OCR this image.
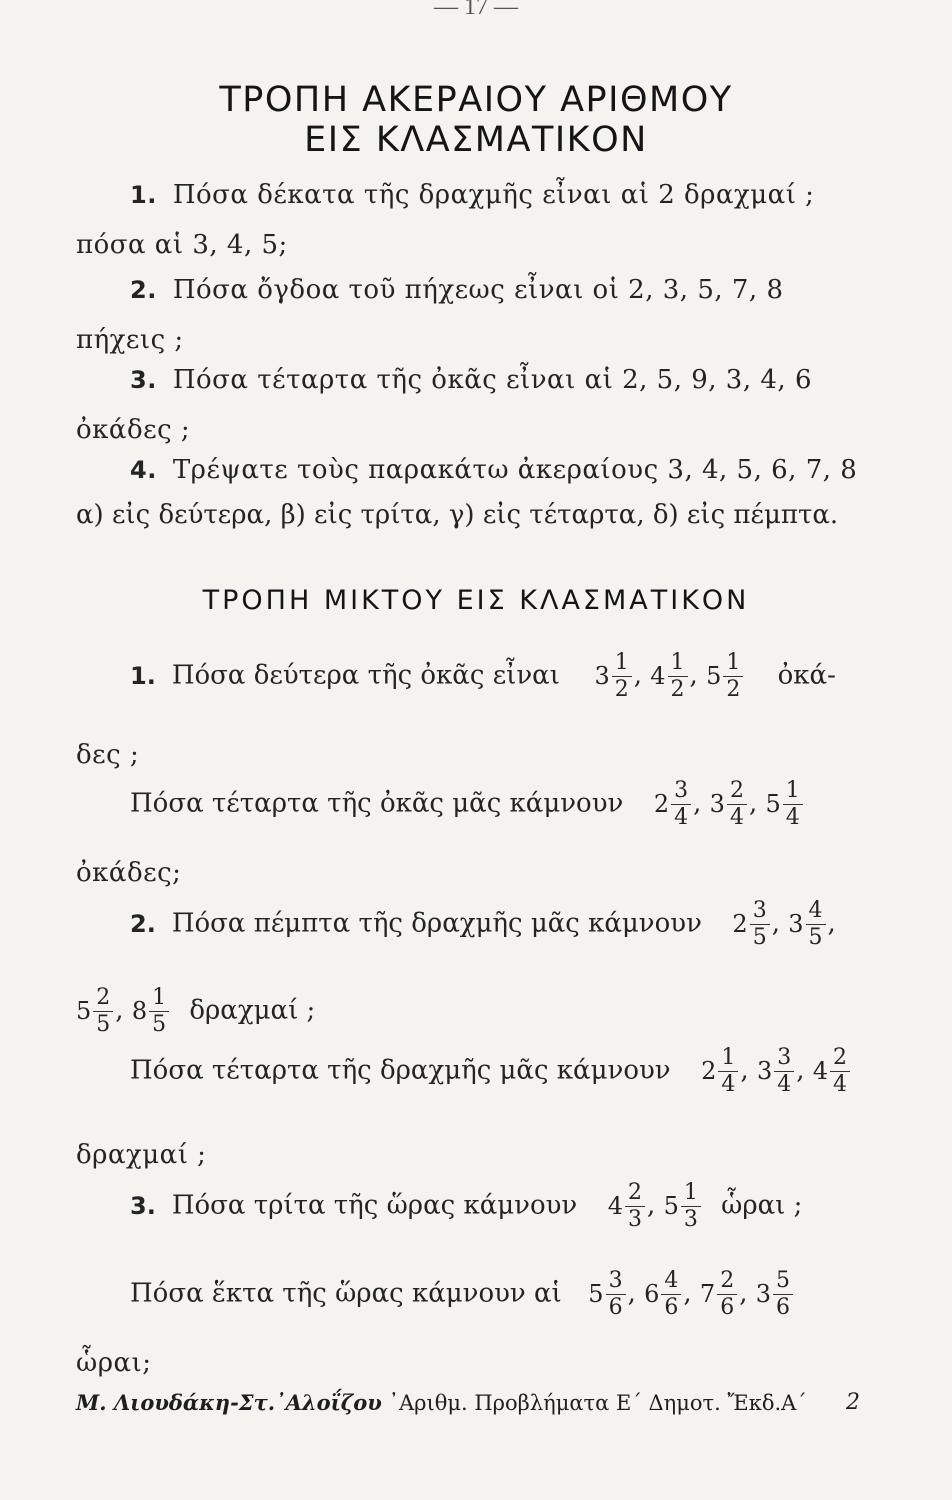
— 17 —
ΤΡΟΠΗ ΑΚΕΡΑΙΟΥ ΑΡΙΘΜΟΥ
ΕΙΣ ΚΛΑΣΜΑΤΙΚΟΝ
1. Πόσα δέκατα τῆς δραχμῆς εἶναι αἱ 2 δραχμαί ;
πόσα αἱ 3, 4, 5;
2. Πόσα ὄγδοα τοῦ πήχεως εἶναι οἱ 2, 3, 5, 7, 8
πήχεις ;
3. Πόσα τέταρτα τῆς ὀκᾶς εἶναι αἱ 2, 5, 9, 3, 4, 6
ὀκάδες ;
4. Τρέψατε τοὺς παρακάτω ἀκεραίους 3, 4, 5, 6, 7, 8
α) εἰς δεύτερα, β) εἰς τρίτα, γ) εἰς τέταρτα, δ) εἰς πέμπτα.
ΤΡΟΠΗ ΜΙΚΤΟΥ ΕΙΣ ΚΛΑΣΜΑΤΙΚΟΝ
1. Πόσα δεύτερα τῆς ὀκᾶς εἶναι $3 \frac{1}{2}$ , $4 \frac{1}{2}$ , $5 \frac{1}{2}$ ὀκά-
δες ;
Πόσα τέταρτα τῆς ὀκᾶς μᾶς κάμνουν $2 \frac{3}{4}$ , $3 \frac{2}{4}$ , $5 \frac{1}{4}$
ὀκάδες;
2. Πόσα πέμπτα τῆς δραχμῆς μᾶς κάμνουν $2 \frac{3}{5}$ , $3 \frac{4}{5}$ ,
$5 \frac{2}{5}$ , $8 \frac{1}{5}$ δραχμαί ;
Πόσα τέταρτα τῆς δραχμῆς μᾶς κάμνουν $2 \frac{1}{4}$ , $3 \frac{3}{4}$ , $4 \frac{2}{4}$
δραχμαί ;
3. Πόσα τρίτα τῆς ὥρας κάμνουν $4 \frac{2}{3}$ , $5 \frac{1}{3}$ ὧραι ;
Πόσα ἕκτα τῆς ὥρας κάμνουν αἱ $5 \frac{3}{6}$ , $6 \frac{4}{6}$ , $7 \frac{2}{6}$ , $3 \frac{5}{6}$
ὧραι;
Μ. Λιουδάκη-Στ.᾿Αλοΐζου ᾿Αριθμ. Προβλήματα Ε΄ Δημοτ. Ἔκδ.Α΄ 2
